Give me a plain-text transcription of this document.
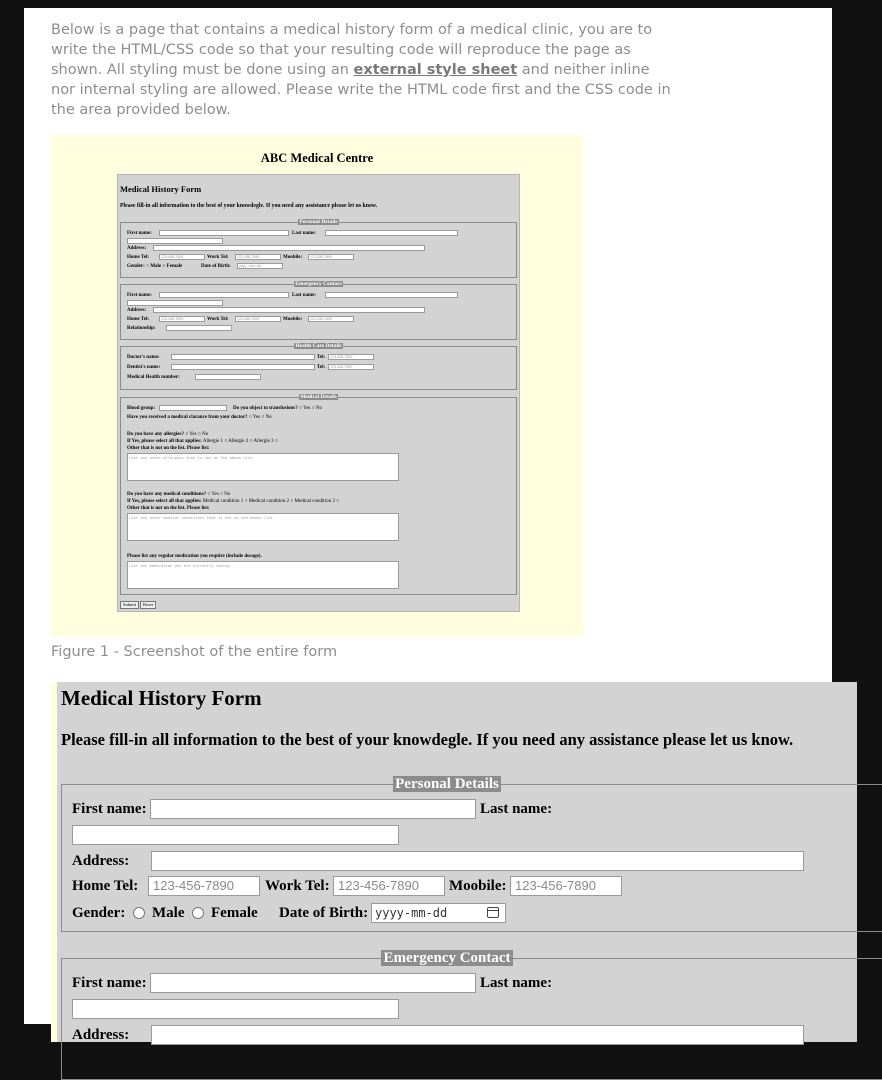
Below is a page that contains a medical history form of a medical clinic, you are to write the HTML/CSS code so that your resulting code will reproduce the page as shown. All styling must be done using an external style sheet and neither inline nor internal styling are allowed. Please write the HTML code first and the CSS code in the area provided below.

ABC Medical Centre
Medical History Form
Please fill-in all information to the best of your knowdegle. If you need any assistance please let us know.
Personal Details
First name:	Last name:
Address:
Home Tel:	123-456-7890	Work Tel:	123-456-7890	Moobile:	123-456-7890
Gender: ○ Male ○ Female	Date of Birth:	yyyy--mm--dd
Emergency Contact
First name:	Last name:
Address:
Home Tel:	123-456-7890	Work Tel:	123-456-7890	Moobile:	123-456-7890
Relationship:
Health Care Details
Doctor's name:	Tel:	123-456-7890
Dentist's name:	Tel:	123-456-7890
Medical Health number:
Medical Details
Blood group:	Do you object to transfusions? ○ Yes ○ No
Have you received a medical clarance from your doctor? ○ Yes ○ No
Do you have any allergies? ○ Yes ○ No
If Yes, please select all that applies: Allergie 1 ○ Allergie 2 ○ Allergie 3 ○
Other that is not on the list. Please list:
List any other allergies that is not on the above list
Do you have any medical conditions? ○ Yes ○ No
If Yes, please select all that applies: Medical condition 1 ○ Medical condition 2 ○ Medical condition 3 ○
Other that is not on the list. Please list:
List any other medical conditions that is not on the above list
Please list any regular medication you require (include dosage).
List any medication you are currently taking.
Submit Reset
Figure 1 - Screenshot of the entire form
Medical History Form
Please fill-in all information to the best of your knowdegle. If you need any assistance please let us know.
Personal Details
First name:	Last name:
Address:
Home Tel:	123-456-7890	Work Tel: 123-456-7890	Moobile: 123-456-7890
Gender: Male Female Date of Birth: yyyy-mm-dd
Emergency Contact
First name:	Last name:
Address:
